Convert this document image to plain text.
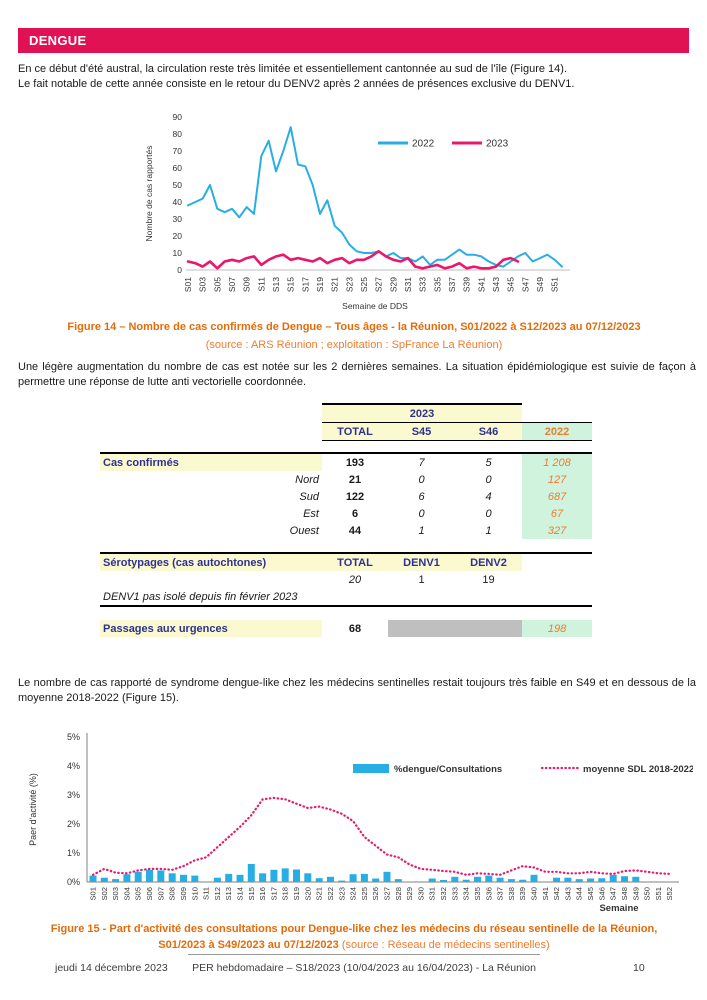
DENGUE
En ce début d'été austral, la circulation reste très limitée et essentiellement cantonnée au sud de l'île (Figure 14).
Le fait notable de cette année consiste en le retour du DENV2 après 2 années de présences exclusive du DENV1.
0
10
20
30
40
50
60
70
80
90
S01 S03 S05 S07 S09 S11 S13 S15 S17 S19 S21 S23 S25 S27 S29 S31 S33 S35 S37 S39 S41 S43 S45 S47 S49 S51
Nombre de cas rapportés
Semaine de DDS
2022	2023
Figure 14 – Nombre de cas confirmés de Dengue – Tous âges - la Réunion, S01/2022 à S12/2023 au 07/12/2023
(source : ARS Réunion ; exploitation : SpFrance La Réunion)
Une légère augmentation du nombre de cas est notée sur les 2 dernières semaines. La situation épidémiologique est suivie de façon à permettre une réponse de lutte anti vectorielle coordonnée.
	2023			
	TOTAL	S45	S46	2022

Cas confirmés	193	7	5	1 208
Nord	21	0	0	127
Sud	122	6	4	687
Est	6	0	0	67
Ouest	44	1	1	327

Sérotypages (cas autochtones)	TOTAL	DENV1	DENV2	
	20	1	19	
DENV1 pas isolé depuis fin février 2023				

Passages aux urgences	68			198
Le nombre de cas rapporté de syndrome dengue-like chez les médecins sentinelles restait toujours très faible en S49 et en dessous de la moyenne 2018-2022 (Figure 15).
0%
1%
2%
3%
4%
5%
Paer d'activité (%)
S01 S02 S03 S04 S05 S06 S07 S08 S09 S10 S11 S12 S13 S14 S15 S16 S17 S18 S19 S20 S21 S22 S23 S24 S25 S26 S27 S28 S29 S30 S31 S32 S33 S34 S35 S36 S37 S38 S39 S40 S41 S42 S43 S44 S45 S46 S47 S48 S49 S50 S51 S52
Semaine
%dengue/Consultations	moyenne SDL 2018-2022
Figure 15 - Part d'activité des consultations pour Dengue-like chez les médecins du réseau sentinelle de la Réunion, S01/2023 à S49/2023 au 07/12/2023 (source : Réseau de médecins sentinelles)
jeudi 14 décembre 2023	PER hebdomadaire – S18/2023 (10/04/2023 au 16/04/2023) - La Réunion	10
